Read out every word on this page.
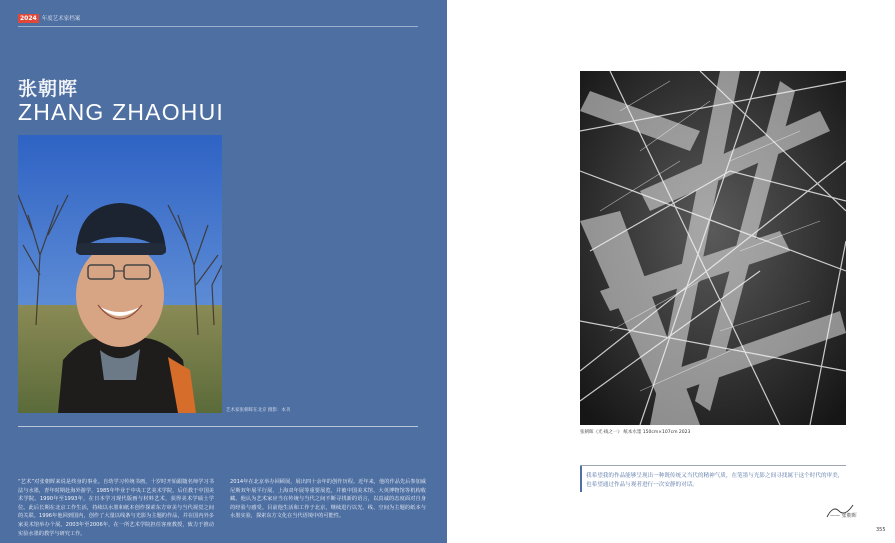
2024 年度艺术家档案
张朝晖
ZHANG ZHAOHUI
艺术家张朝晖在北京 摄影：本刊
“艺术”对张朝晖来说是终身的事业。自幼学习传统书画，十岁时开始跟随名师学习书法与水墨，青年时期赴海外游学，1985年毕业于中央工艺美术学院，后任教于中国美术学院。1990年至1993年，在日本学习现代版画与材料艺术，获得美术学硕士学位。此后长期在北京工作生活，持续以水墨和纸本创作探索东方审美与当代视觉之间的关联。1996年他回到国内，创作了大量以线条与光影为主题的作品，并在国内外多家美术馆举办个展。2003年至2006年，在一所艺术学院担任客座教授，致力于推动实验水墨的教学与研究工作。
2014年在北京举办回顾展，展出四十余年的创作历程。近年来，他的作品先后参加威尼斯双年展平行展、上海双年展等重要展览，并被中国美术馆、大英博物馆等机构收藏。他认为艺术家应当在传统与当代之间不断寻找新的语言，以真诚的态度面对自身的经验与感受。目前他生活和工作于北京，继续进行以光、线、空间为主题的纸本与水墨实验，探索东方文化在当代语境中的可能性。
张朝晖《光·线之一》 纸本水墨 150cm×107cm 2023
我希望我的作品能够呈现出一种既传统又当代的精神气质，在笔墨与光影之间寻找属于这个时代的审美，也希望通过作品与观者进行一次安静的对话。
—— 张朝晖
355
